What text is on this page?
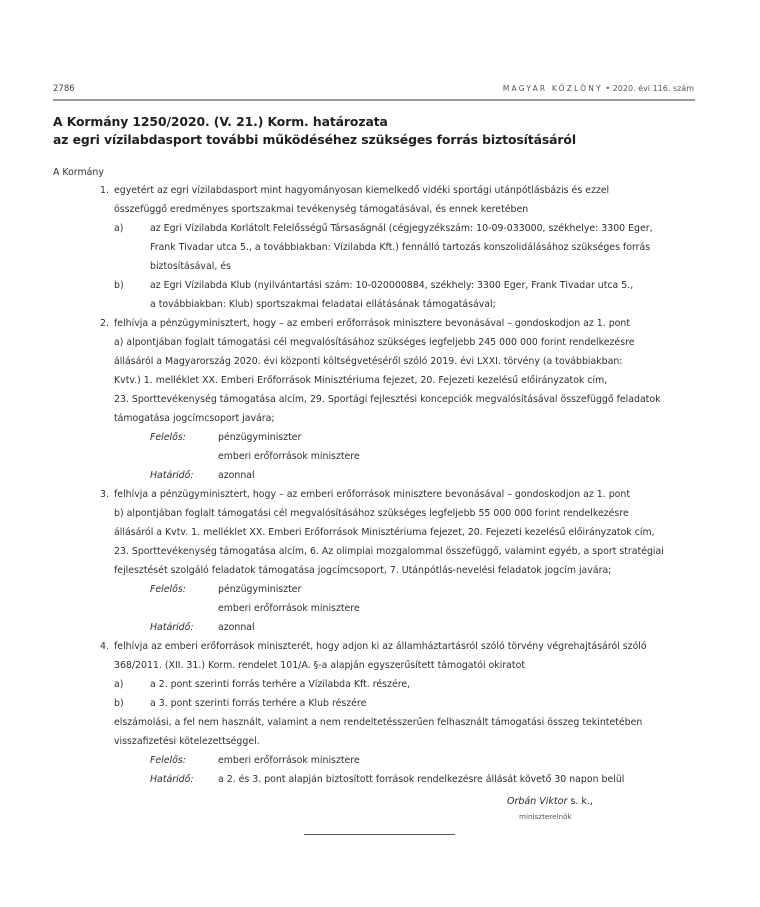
2786	MAGYAR KÖZLÖNY • 2020. évi 116. szám
A Kormány 1250/2020. (V. 21.) Korm. határozata
az egri vízilabdasport további működéséhez szükséges forrás biztosításáról
A Kormány
1. egyetért az egri vízilabdasport mint hagyományosan kiemelkedő vidéki sportági utánpótlásbázis és ezzel
összefüggő eredményes sportszakmai tevékenység támogatásával, és ennek keretében
a)	az Egri Vízilabda Korlátolt Felelősségű Társaságnál (cégjegyzékszám: 10-09-033000, székhelye: 3300 Eger,
Frank Tivadar utca 5., a továbbiakban: Vízilabda Kft.) fennálló tartozás konszolidálásához szükséges forrás
biztosításával, és
b)	az Egri Vízilabda Klub (nyilvántartási szám: 10-020000884, székhely: 3300 Eger, Frank Tivadar utca 5.,
a továbbiakban: Klub) sportszakmai feladatai ellátásának támogatásával;
2. felhívja a pénzügyminisztert, hogy – az emberi erőforrások minisztere bevonásával – gondoskodjon az 1. pont
a) alpontjában foglalt támogatási cél megvalósításához szükséges legfeljebb 245 000 000 forint rendelkezésre
állásáról a Magyarország 2020. évi központi költségvetéséről szóló 2019. évi LXXI. törvény (a továbbiakban:
Kvtv.) 1. melléklet XX. Emberi Erőforrások Minisztériuma fejezet, 20. Fejezeti kezelésű előirányzatok cím,
23. Sporttevékenység támogatása alcím, 29. Sportági fejlesztési koncepciók megvalósításával összefüggő feladatok
támogatása jogcímcsoport javára;
Felelős:	pénzügyminiszter
emberi erőforrások minisztere
Határidő:	azonnal
3. felhívja a pénzügyminisztert, hogy – az emberi erőforrások minisztere bevonásával – gondoskodjon az 1. pont
b) alpontjában foglalt támogatási cél megvalósításához szükséges legfeljebb 55 000 000 forint rendelkezésre
állásáról a Kvtv. 1. melléklet XX. Emberi Erőforrások Minisztériuma fejezet, 20. Fejezeti kezelésű előirányzatok cím,
23. Sporttevékenység támogatása alcím, 6. Az olimpiai mozgalommal összefüggő, valamint egyéb, a sport stratégiai
fejlesztését szolgáló feladatok támogatása jogcímcsoport, 7. Utánpótlás-nevelési feladatok jogcím javára;
Felelős:	pénzügyminiszter
emberi erőforrások minisztere
Határidő:	azonnal
4. felhívja az emberi erőforrások miniszterét, hogy adjon ki az államháztartásról szóló törvény végrehajtásáról szóló
368/2011. (XII. 31.) Korm. rendelet 101/A. §-a alapján egyszerűsített támogatói okiratot
a)	a 2. pont szerinti forrás terhére a Vízilabda Kft. részére,
b)	a 3. pont szerinti forrás terhére a Klub részére
elszámolási, a fel nem használt, valamint a nem rendeltetésszerűen felhasznált támogatási összeg tekintetében
visszafizetési kötelezettséggel.
Felelős:	emberi erőforrások minisztere
Határidő:	a 2. és 3. pont alapján biztosított források rendelkezésre állását követő 30 napon belül
Orbán Viktor s. k.,
miniszterelnök
